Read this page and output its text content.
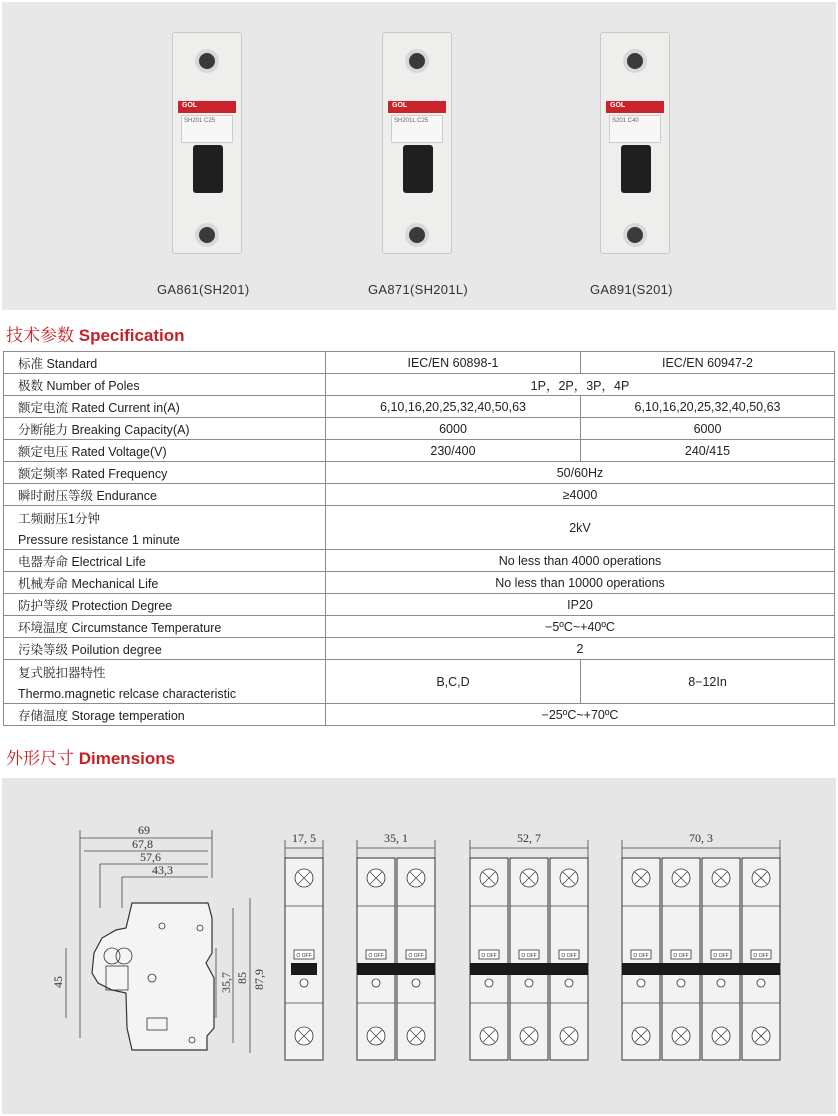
GOL
SH201 C25
GOL
SH201L C25
GOL
S201 C40
GA861(SH201)	GA871(SH201L)	GA891(S201)
技术参数 Specification
标准 Standard	IEC/EN 60898-1	IEC/EN 60947-2
极数 Number of Poles	1P，2P，3P，4P	
额定电流 Rated Current in(A)	6,10,16,20,25,32,40,50,63	6,10,16,20,25,32,40,50,63
分断能力 Breaking Capacity(A)	6000	6000
额定电压 Rated Voltage(V)	230/400	240/415
额定频率 Rated Frequency	50/60Hz	
瞬时耐压等级 Endurance	≥4000	
工频耐压1分钟
Pressure resistance 1 minute	2kV	
电器寿命 Electrical Life	No less than 4000 operations	
机械寿命 Mechanical Life	No less than 10000 operations	
防护等级 Protection Degree	IP20	
环境温度 Circumstance Temperature	−5ºC~+40ºC	
污染等级 Poilution degree	2	
复式脱扣器特性
Thermo.magnetic relcase characteristic	B,C,D	8−12In
存储温度 Storage temperation	−25ºC~+70ºC	
外形尺寸 Dimensions
69
67,8
57,6
43,3
45	35,7 85 87,9
17, 5
O OFF
35, 1
O OFF	O OFF
52, 7
O OFF	O OFF	O OFF
70, 3
O OFF	O OFF	O OFF	O OFF
